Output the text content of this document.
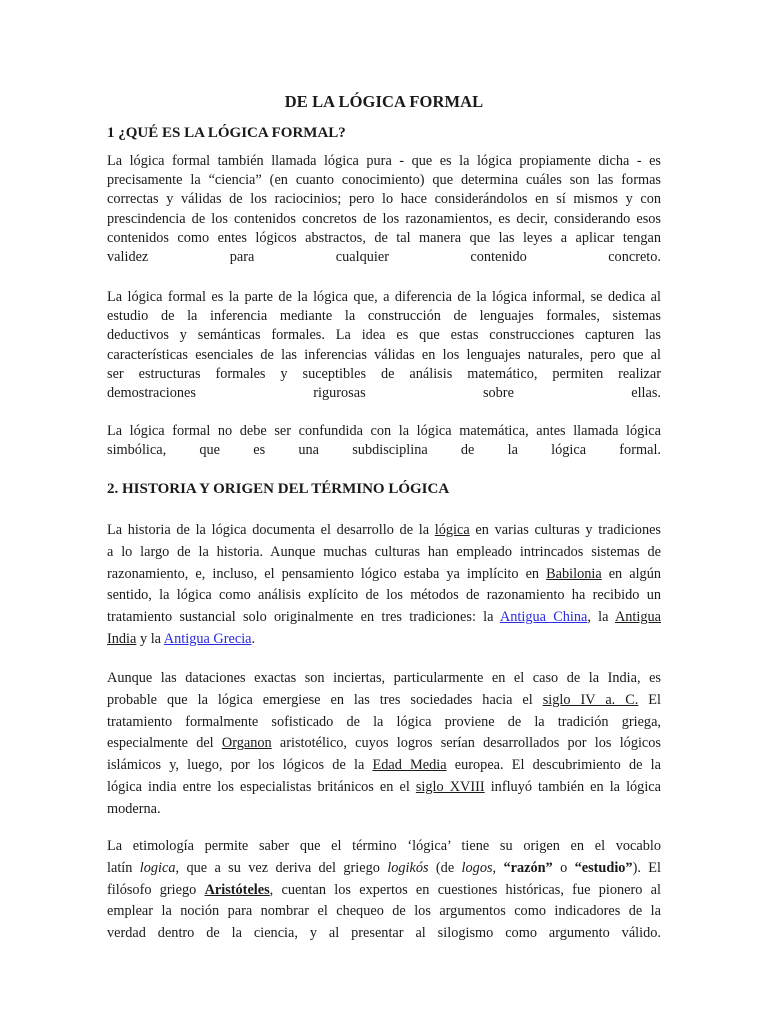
DE LA LÓGICA FORMAL
1 ¿QUÉ ES LA LÓGICA FORMAL?
La lógica formal también llamada lógica pura - que es la lógica propiamente dicha - es
precisamente la “ciencia” (en cuanto conocimiento) que determina cuáles son las formas
correctas y válidas de los raciocinios; pero lo hace considerándolos en sí mismos y con
prescindencia de los contenidos concretos de los razonamientos, es decir, considerando esos
contenidos como entes lógicos abstractos, de tal manera que las leyes a aplicar tengan
validez para cualquier contenido concreto.
La lógica formal es la parte de la lógica que, a diferencia de la lógica informal, se dedica al
estudio de la inferencia mediante la construcción de lenguajes formales, sistemas
deductivos y semánticas formales. La idea es que estas construcciones capturen las
características esenciales de las inferencias válidas en los lenguajes naturales, pero que al
ser estructuras formales y suceptibles de análisis matemático, permiten realizar
demostraciones rigurosas sobre ellas.
La lógica formal no debe ser confundida con la lógica matemática, antes llamada lógica
simbólica, que es una subdisciplina de la lógica formal.
2. HISTORIA Y ORIGEN DEL TÉRMINO LÓGICA
La historia de la lógica documenta el desarrollo de la lógica en varias culturas y tradiciones
a lo largo de la historia. Aunque muchas culturas han empleado intrincados sistemas de
razonamiento, e, incluso, el pensamiento lógico estaba ya implícito en Babilonia en algún
sentido, la lógica como análisis explícito de los métodos de razonamiento ha recibido un
tratamiento sustancial solo originalmente en tres tradiciones: la Antigua China, la Antigua
India y la Antigua Grecia.
Aunque las dataciones exactas son inciertas, particularmente en el caso de la India, es
probable que la lógica emergiese en las tres sociedades hacia el siglo IV a. C. El
tratamiento formalmente sofisticado de la lógica proviene de la tradición griega,
especialmente del Organon aristotélico, cuyos logros serían desarrollados por los lógicos
islámicos y, luego, por los lógicos de la Edad Media europea. El descubrimiento de la
lógica india entre los especialistas británicos en el siglo XVIII influyó también en la lógica
moderna.
La etimología permite saber que el término ‘lógica’ tiene su origen en el vocablo
latín logica, que a su vez deriva del griego logikós (de logos, “razón” o “estudio”). El
filósofo griego Aristóteles, cuentan los expertos en cuestiones históricas, fue pionero al
emplear la noción para nombrar el chequeo de los argumentos como indicadores de la
verdad dentro de la ciencia, y al presentar al silogismo como argumento válido.
